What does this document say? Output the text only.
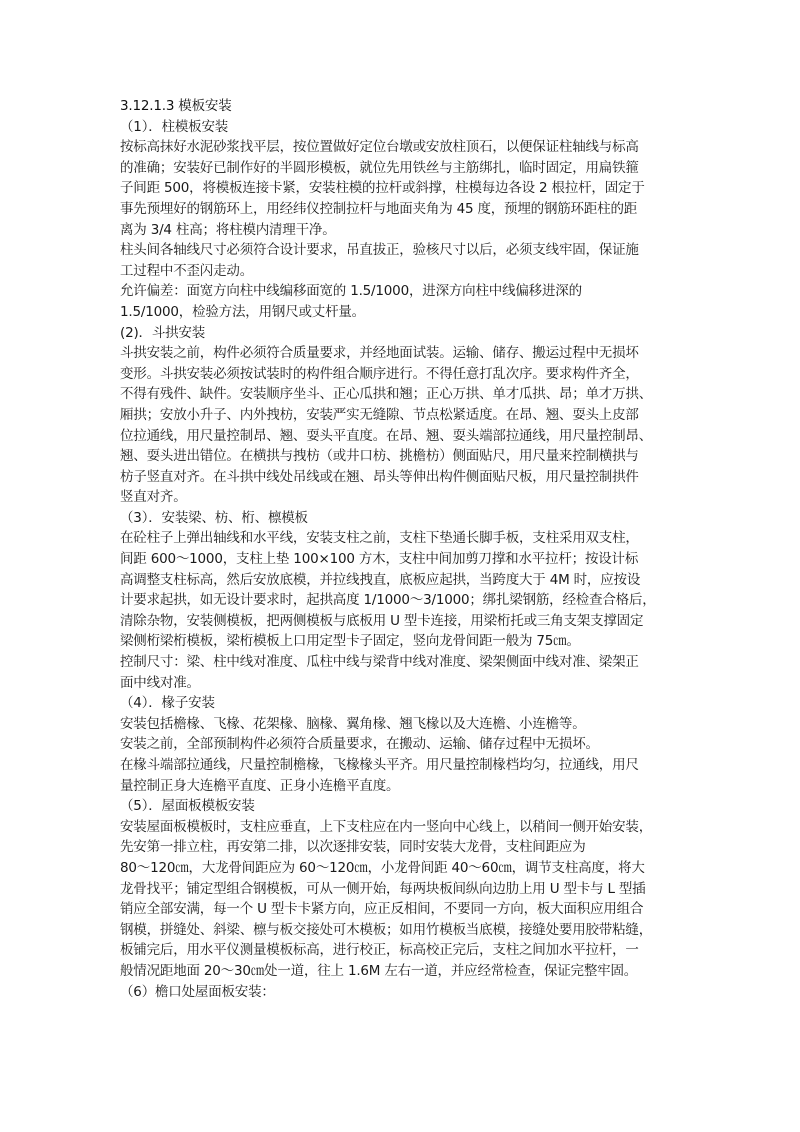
3.12.1.3 模板安装
（1）．柱模板安装
按标高抹好水泥砂浆找平层，按位置做好定位台墩或安放柱顶石，以便保证柱轴线与标高
的准确；安装好已制作好的半圆形模板，就位先用铁丝与主筋绑扎，临时固定，用扁铁箍
子间距 500，将模板连接卡紧，安装柱模的拉杆或斜撑，柱模每边各设 2 根拉杆，固定于
事先预埋好的钢筋环上，用经纬仪控制拉杆与地面夹角为 45 度，预埋的钢筋环距柱的距
离为 3/4 柱高；将柱模内清理干净。
柱头间各轴线尺寸必须符合设计要求，吊直拔正，验核尺寸以后，必须支线牢固，保证施
工过程中不歪闪走动。
允许偏差：面宽方向柱中线编移面宽的 1.5/1000，进深方向柱中线偏移进深的
1.5/1000，检验方法，用钢尺或丈杆量。
(2)．斗拱安装
斗拱安装之前，构件必须符合质量要求，并经地面试装。运输、储存、搬运过程中无损坏
变形。斗拱安装必须按试装时的构件组合顺序进行。不得任意打乱次序。要求构件齐全，
不得有残件、缺件。安装顺序坐斗、正心瓜拱和翘；正心万拱、单才瓜拱、昂；单才万拱、
厢拱；安放小升子、内外拽枋，安装严实无缝隙、节点松紧适度。在昂、翘、耍头上皮部
位拉通线，用尺量控制昂、翘、耍头平直度。在昂、翘、耍头端部拉通线，用尺量控制昂、
翘、耍头进出错位。在横拱与拽枋（或井口枋、挑檐枋）侧面贴尺，用尺量来控制横拱与
枋子竖直对齐。在斗拱中线处吊线或在翘、昂头等伸出构件侧面贴尺板，用尺量控制拱件
竖直对齐。
（3）．安装梁、枋、桁、檩模板
在砼柱子上弹出轴线和水平线，安装支柱之前，支柱下垫通长脚手板，支柱采用双支柱，
间距 600～1000，支柱上垫 100×100 方木，支柱中间加剪刀撑和水平拉杆；按设计标
高调整支柱标高，然后安放底模，并拉线拽直，底板应起拱，当跨度大于 4M 时，应按设
计要求起拱，如无设计要求时，起拱高度 1/1000～3/1000；绑扎梁钢筋，经检查合格后，
清除杂物，安装侧模板，把两侧模板与底板用 U 型卡连接，用梁桁托或三角支架支撑固定
梁侧桁梁桁模板，梁桁模板上口用定型卡子固定，竖向龙骨间距一般为 75㎝。
控制尺寸：梁、柱中线对准度、瓜柱中线与梁背中线对准度、梁架侧面中线对准、梁架正
面中线对准。
（4）．椽子安装
安装包括檐椽、飞椽、花架椽、脑椽、翼角椽、翘飞椽以及大连檐、小连檐等。
安装之前，全部预制构件必须符合质量要求，在搬动、运输、储存过程中无损坏。
在椽斗端部拉通线，尺量控制檐椽，飞椽椽头平齐。用尺量控制椽档均匀，拉通线，用尺
量控制正身大连檐平直度、正身小连檐平直度。
（5）．屋面板模板安装
安装屋面板模板时，支柱应垂直，上下支柱应在内一竖向中心线上，以稍间一侧开始安装，
先安第一排立柱，再安第二排，以次逐排安装，同时安装大龙骨，支柱间距应为
80～120㎝，大龙骨间距应为 60～120㎝，小龙骨间距 40～60㎝，调节支柱高度，将大
龙骨找平；铺定型组合钢模板，可从一侧开始，每两块板间纵向边肋上用 U 型卡与 L 型插
销应全部安满，每一个 U 型卡卡紧方向，应正反相间，不要同一方向，板大面积应用组合
钢模，拼缝处、斜梁、檩与板交接处可木模板；如用竹模板当底模，接缝处要用胶带粘缝，
板铺完后，用水平仪测量模板标高，进行校正，标高校正完后，支柱之间加水平拉杆，一
般情况距地面 20～30㎝处一道，往上 1.6M 左右一道，并应经常检查，保证完整牢固。
（6）檐口处屋面板安装：
